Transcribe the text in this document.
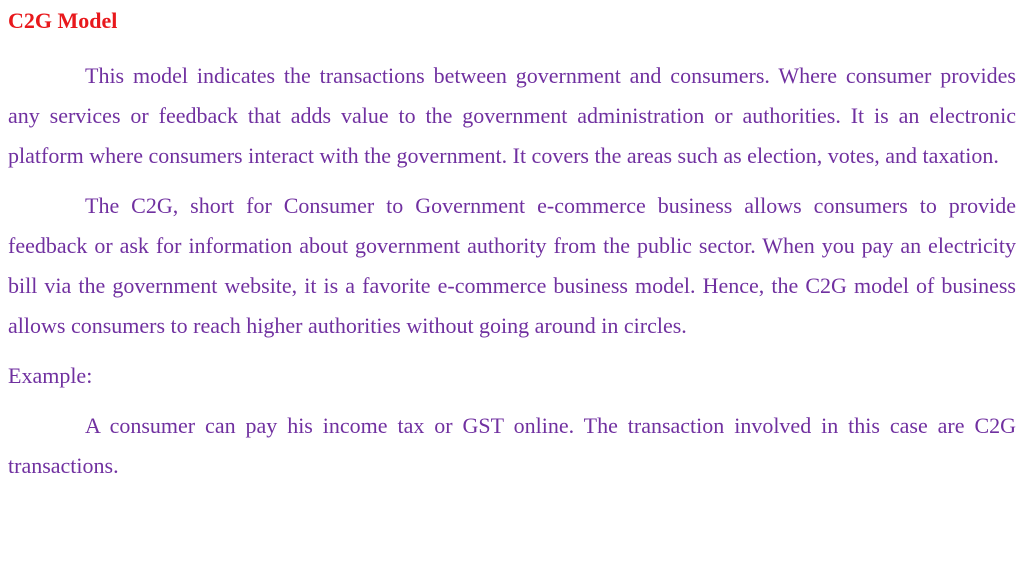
C2G Model

This model indicates the transactions between government and consumers. Where consumer provides any services or feedback that adds value to the government administration or authorities. It is an electronic platform where consumers interact with the government. It covers the areas such as election, votes, and taxation.

The C2G, short for Consumer to Government e-commerce business allows consumers to provide feedback or ask for information about government authority from the public sector. When you pay an electricity bill via the government website, it is a favorite e-commerce business model. Hence, the C2G model of business allows consumers to reach higher authorities without going around in circles.

Example:

A consumer can pay his income tax or GST online. The transaction involved in this case are C2G transactions.
